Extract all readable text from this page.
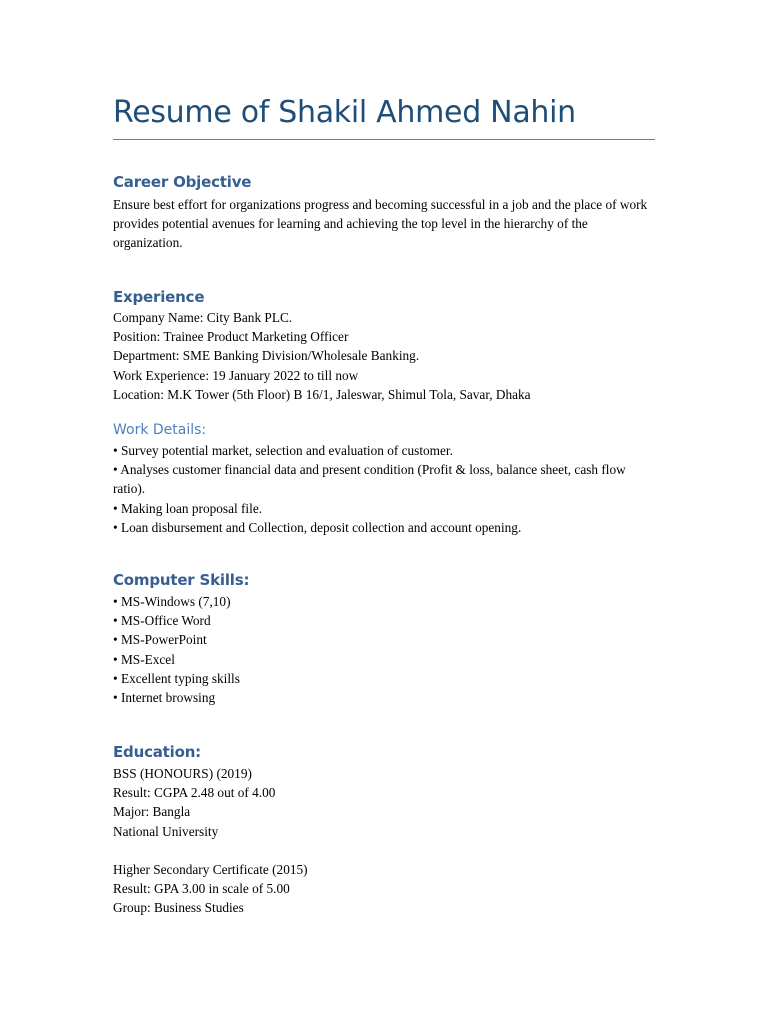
Resume of Shakil Ahmed Nahin
Career Objective

Ensure best effort for organizations progress and becoming successful in a job and the place of work provides potential avenues for learning and achieving the top level in the hierarchy of the organization.

Experience
Company Name: City Bank PLC.
Position: Trainee Product Marketing Officer
Department: SME Banking Division/Wholesale Banking.
Work Experience: 19 January 2022 to till now
Location: M.K Tower (5th Floor) B 16/1, Jaleswar, Shimul Tola, Savar, Dhaka
Work Details:
• Survey potential market, selection and evaluation of customer.
• Analyses customer financial data and present condition (Profit & loss, balance sheet, cash flow ratio).
• Making loan proposal file.
• Loan disbursement and Collection, deposit collection and account opening.
Computer Skills:
• MS-Windows (7,10)
• MS-Office Word
• MS-PowerPoint
• MS-Excel
• Excellent typing skills
• Internet browsing
Education:
BSS (HONOURS) (2019)
Result: CGPA 2.48 out of 4.00
Major: Bangla
National University
Higher Secondary Certificate (2015)
Result: GPA 3.00 in scale of 5.00
Group: Business Studies
